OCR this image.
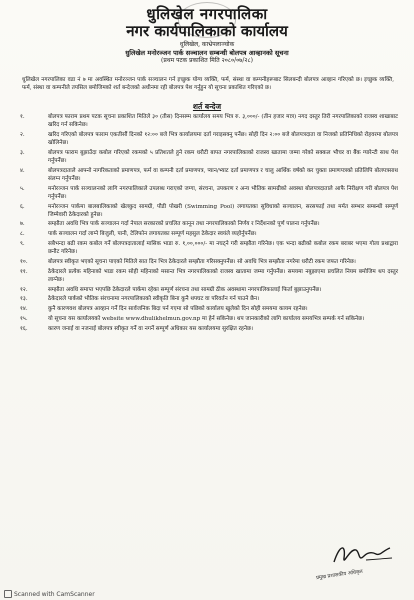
धुलिखेल नगरपालिका
नगर कार्यपालिकाको कार्यालय
धुलिखेल, काभ्रेपलाञ्चोक
धुलिखेल मनोरञ्जन पार्क सञ्चालन सम्बन्धी बोलपत्र आव्हानको सूचना
(प्रथम पटक प्रकाशित मिति २०८०/०७/२८)
धुलिखेल नगरपालिका वडा नं ७ मा अवस्थित मनोरञ्जन पार्क सञ्चालन गर्न इच्छुक योग्य व्यक्ति, फर्म, संस्था वा कम्पनीहरूबाट सिलबन्दी बोलपत्र आव्हान गरिएको छ। इच्छुक व्यक्ति, फर्म, संस्था वा कम्पनीले तपसिल बमोजिमको शर्त बन्देजको अधीनमा रही बोलपत्र पेश गर्नुहुन यो सूचना प्रकाशित गरिएको छ।
शर्त बन्देज
१.	बोलपत्र फाराम प्रथम पटक सूचना प्रकाशित मितिले ३० (तीस) दिनसम्म कार्यालय समय भित्र रु. ३,०००/- (तीन हजार मात्र) नगद दस्तुर तिरी नगरपालिकाको राजस्व शाखाबाट खरिद गर्न सकिनेछ।
२.	खरिद गरिएको बोलपत्र फाराम एकतीसौं दिनको १२:०० बजे भित्र कार्यालयमा दर्ता गराइसक्नु पर्नेछ। सोही दिन २:०० बजे बोलपत्रदाता वा निजको प्रतिनिधिको रोहवरमा बोलपत्र खोलिनेछ।
३.	बोलपत्र फाराम बुझाउँदा कबोल गरिएको रकमको ५ प्रतिशतले हुने रकम धरौटी बापत नगरपालिकाको राजस्व खातामा जम्मा गरेको सक्कल भौचर वा बैंक ग्यारेन्टी साथ पेश गर्नुपर्नेछ।
४.	बोलपत्रदाताले आफ्नो नागरिकताको प्रमाणपत्र, फर्म वा कम्पनी दर्ता प्रमाणपत्र, प्यान/भ्याट दर्ता प्रमाणपत्र र चालु आर्थिक वर्षको कर चुक्ता प्रमाणपत्रको प्रतिलिपि बोलपत्रसाथ संलग्न गर्नुपर्नेछ।
५.	मनोरञ्जन पार्क सञ्चालनको लागि नगरपालिकाले उपलब्ध गराएको जग्गा, संरचना, उपकरण र अन्य भौतिक सामग्रीको अवस्था बोलपत्रदाताले आफै निरीक्षण गरी बोलपत्र पेश गर्नुपर्नेछ।
६.	मनोरञ्जन पार्कमा बालबालिकाको खेलकुद सामग्री, पौडी पोखरी (Swimming Pool) लगायतका सुविधाको सञ्चालन, सरसफाई तथा मर्मत सम्भार सम्बन्धी सम्पूर्ण जिम्मेवारी ठेकेदारको हुनेछ।
७.	सम्झौता अवधि भित्र पार्क सञ्चालन गर्दा नेपाल सरकारको प्रचलित कानून तथा नगरपालिकाको निर्णय र निर्देशनको पूर्ण पालना गर्नुपर्नेछ।
८.	पार्क सञ्चालन गर्दा लाग्ने बिजुली, पानी, टेलिफोन लगायतका सम्पूर्ण महसुल ठेकेदार स्वयंले व्यहोर्नुपर्नेछ।
९.	सबैभन्दा बढी रकम कबोल गर्ने बोलपत्रदातालाई मासिक भाडा रु. १,००,०००/- मा नघट्ने गरी सम्झौता गरिनेछ। एक भन्दा बढीको कबोल रकम बराबर भएमा गोला प्रथाद्वारा छनौट गरिनेछ।
१०.	बोलपत्र स्वीकृत भएको सूचना पाएको मितिले सात दिन भित्र ठेकेदारले सम्झौता गरिसक्नुपर्नेछ। सो अवधि भित्र सम्झौता नगरेमा धरौटी रकम जफत गरिनेछ।
११.	ठेकेदारले प्रत्येक महिनाको भाडा रकम सोही महिनाको मसान्त भित्र नगरपालिकाको राजस्व खातामा जम्मा गर्नुपर्नेछ। समयमा नबुझाएमा प्रचलित नियम बमोजिम थप दस्तुर लाग्नेछ।
१२.	सम्झौता अवधि समाप्त भएपछि ठेकेदारले पार्कमा रहेका सम्पूर्ण संरचना तथा सामग्री ठीक अवस्थामा नगरपालिकालाई फिर्ता बुझाउनुपर्नेछ।
१३.	ठेकेदारले पार्कको भौतिक संरचनामा नगरपालिकाको स्वीकृति बिना कुनै थपघट वा परिवर्तन गर्न पाउने छैन।
१४.	कुनै कारणवश बोलपत्र आव्हान गर्ने दिन सार्वजनिक बिदा पर्न गएमा सो पछिको कार्यालय खुलेको दिन सोही समयमा कायम रहनेछ।
१५.	यो सूचना यस कार्यालयको website www.dhulikhelmun.gov.np मा हेर्न सकिनेछ। थप जानकारीको लागि कार्यालय समयभित्र सम्पर्क गर्न सकिनेछ।
१६.	कारण जनाई वा नजनाई बोलपत्र स्वीकृत गर्ने वा नगर्ने सम्पूर्ण अधिकार यस कार्यालयमा सुरक्षित रहनेछ।
प्रमुख प्रशासकीय अधिकृत
Scanned with CamScanner
